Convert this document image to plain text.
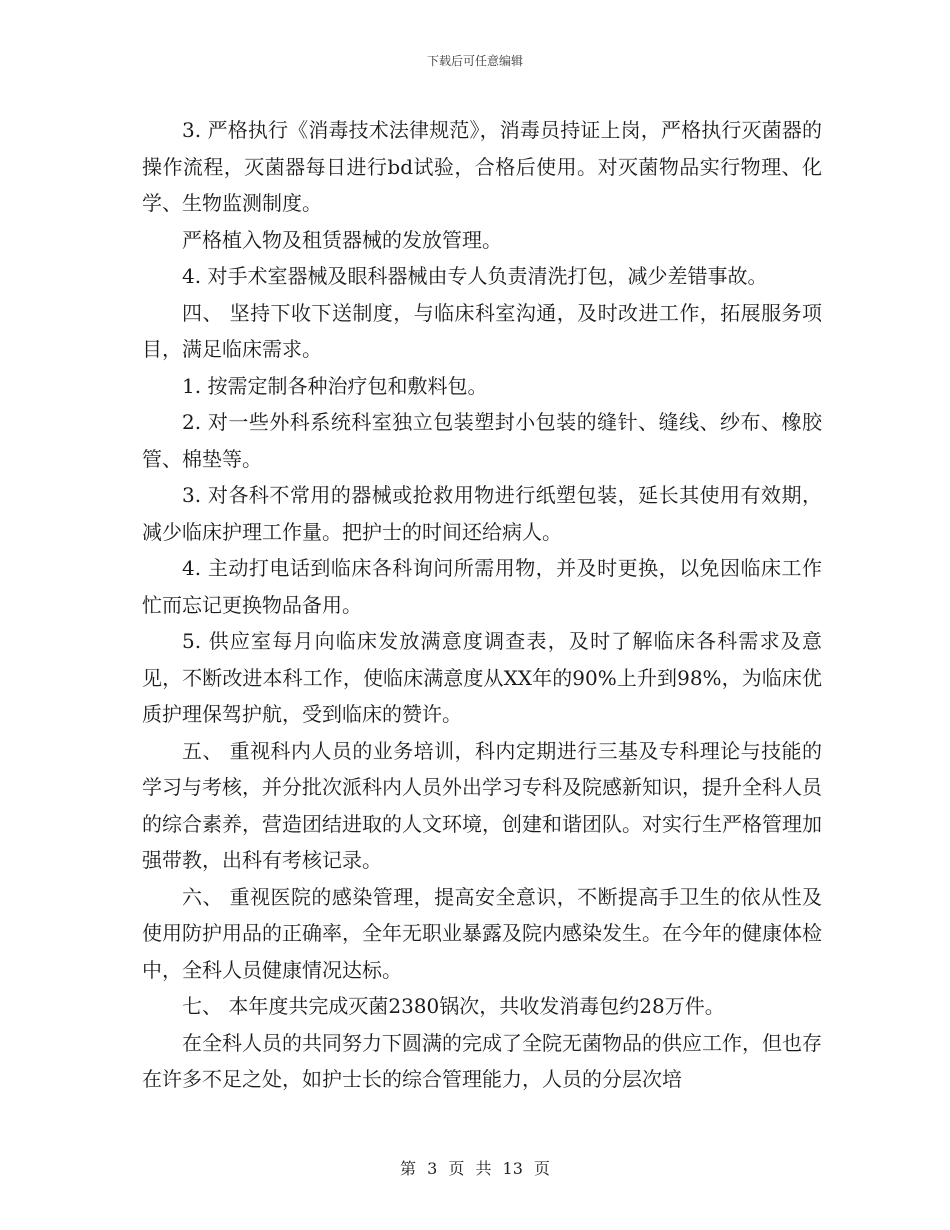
下载后可任意编辑

3. 严格执行《消毒技术法律规范》，消毒员持证上岗，严格执行灭菌器的操作流程，灭菌器每日进行bd试验，合格后使用。对灭菌物品实行物理、化学、生物监测制度。

严格植入物及租赁器械的发放管理。

4. 对手术室器械及眼科器械由专人负责清洗打包，减少差错事故。

四、 坚持下收下送制度，与临床科室沟通，及时改进工作，拓展服务项目，满足临床需求。

1. 按需定制各种治疗包和敷料包。

2. 对一些外科系统科室独立包装塑封小包装的缝针、缝线、纱布、橡胶管、棉垫等。

3. 对各科不常用的器械或抢救用物进行纸塑包装，延长其使用有效期，减少临床护理工作量。把护士的时间还给病人。

4. 主动打电话到临床各科询问所需用物，并及时更换，以免因临床工作忙而忘记更换物品备用。

5. 供应室每月向临床发放满意度调查表，及时了解临床各科需求及意见，不断改进本科工作，使临床满意度从XX年的90%上升到98%，为临床优质护理保驾护航，受到临床的赞许。

五、 重视科内人员的业务培训，科内定期进行三基及专科理论与技能的学习与考核，并分批次派科内人员外出学习专科及院感新知识，提升全科人员的综合素养，营造团结进取的人文环境，创建和谐团队。对实行生严格管理加强带教，出科有考核记录。

六、 重视医院的感染管理，提高安全意识，不断提高手卫生的依从性及使用防护用品的正确率，全年无职业暴露及院内感染发生。在今年的健康体检中，全科人员健康情况达标。

七、 本年度共完成灭菌2380锅次，共收发消毒包约28万件。

在全科人员的共同努力下圆满的完成了全院无菌物品的供应工作，但也存在许多不足之处，如护士长的综合管理能力，人员的分层次培

第 3 页 共 13 页
